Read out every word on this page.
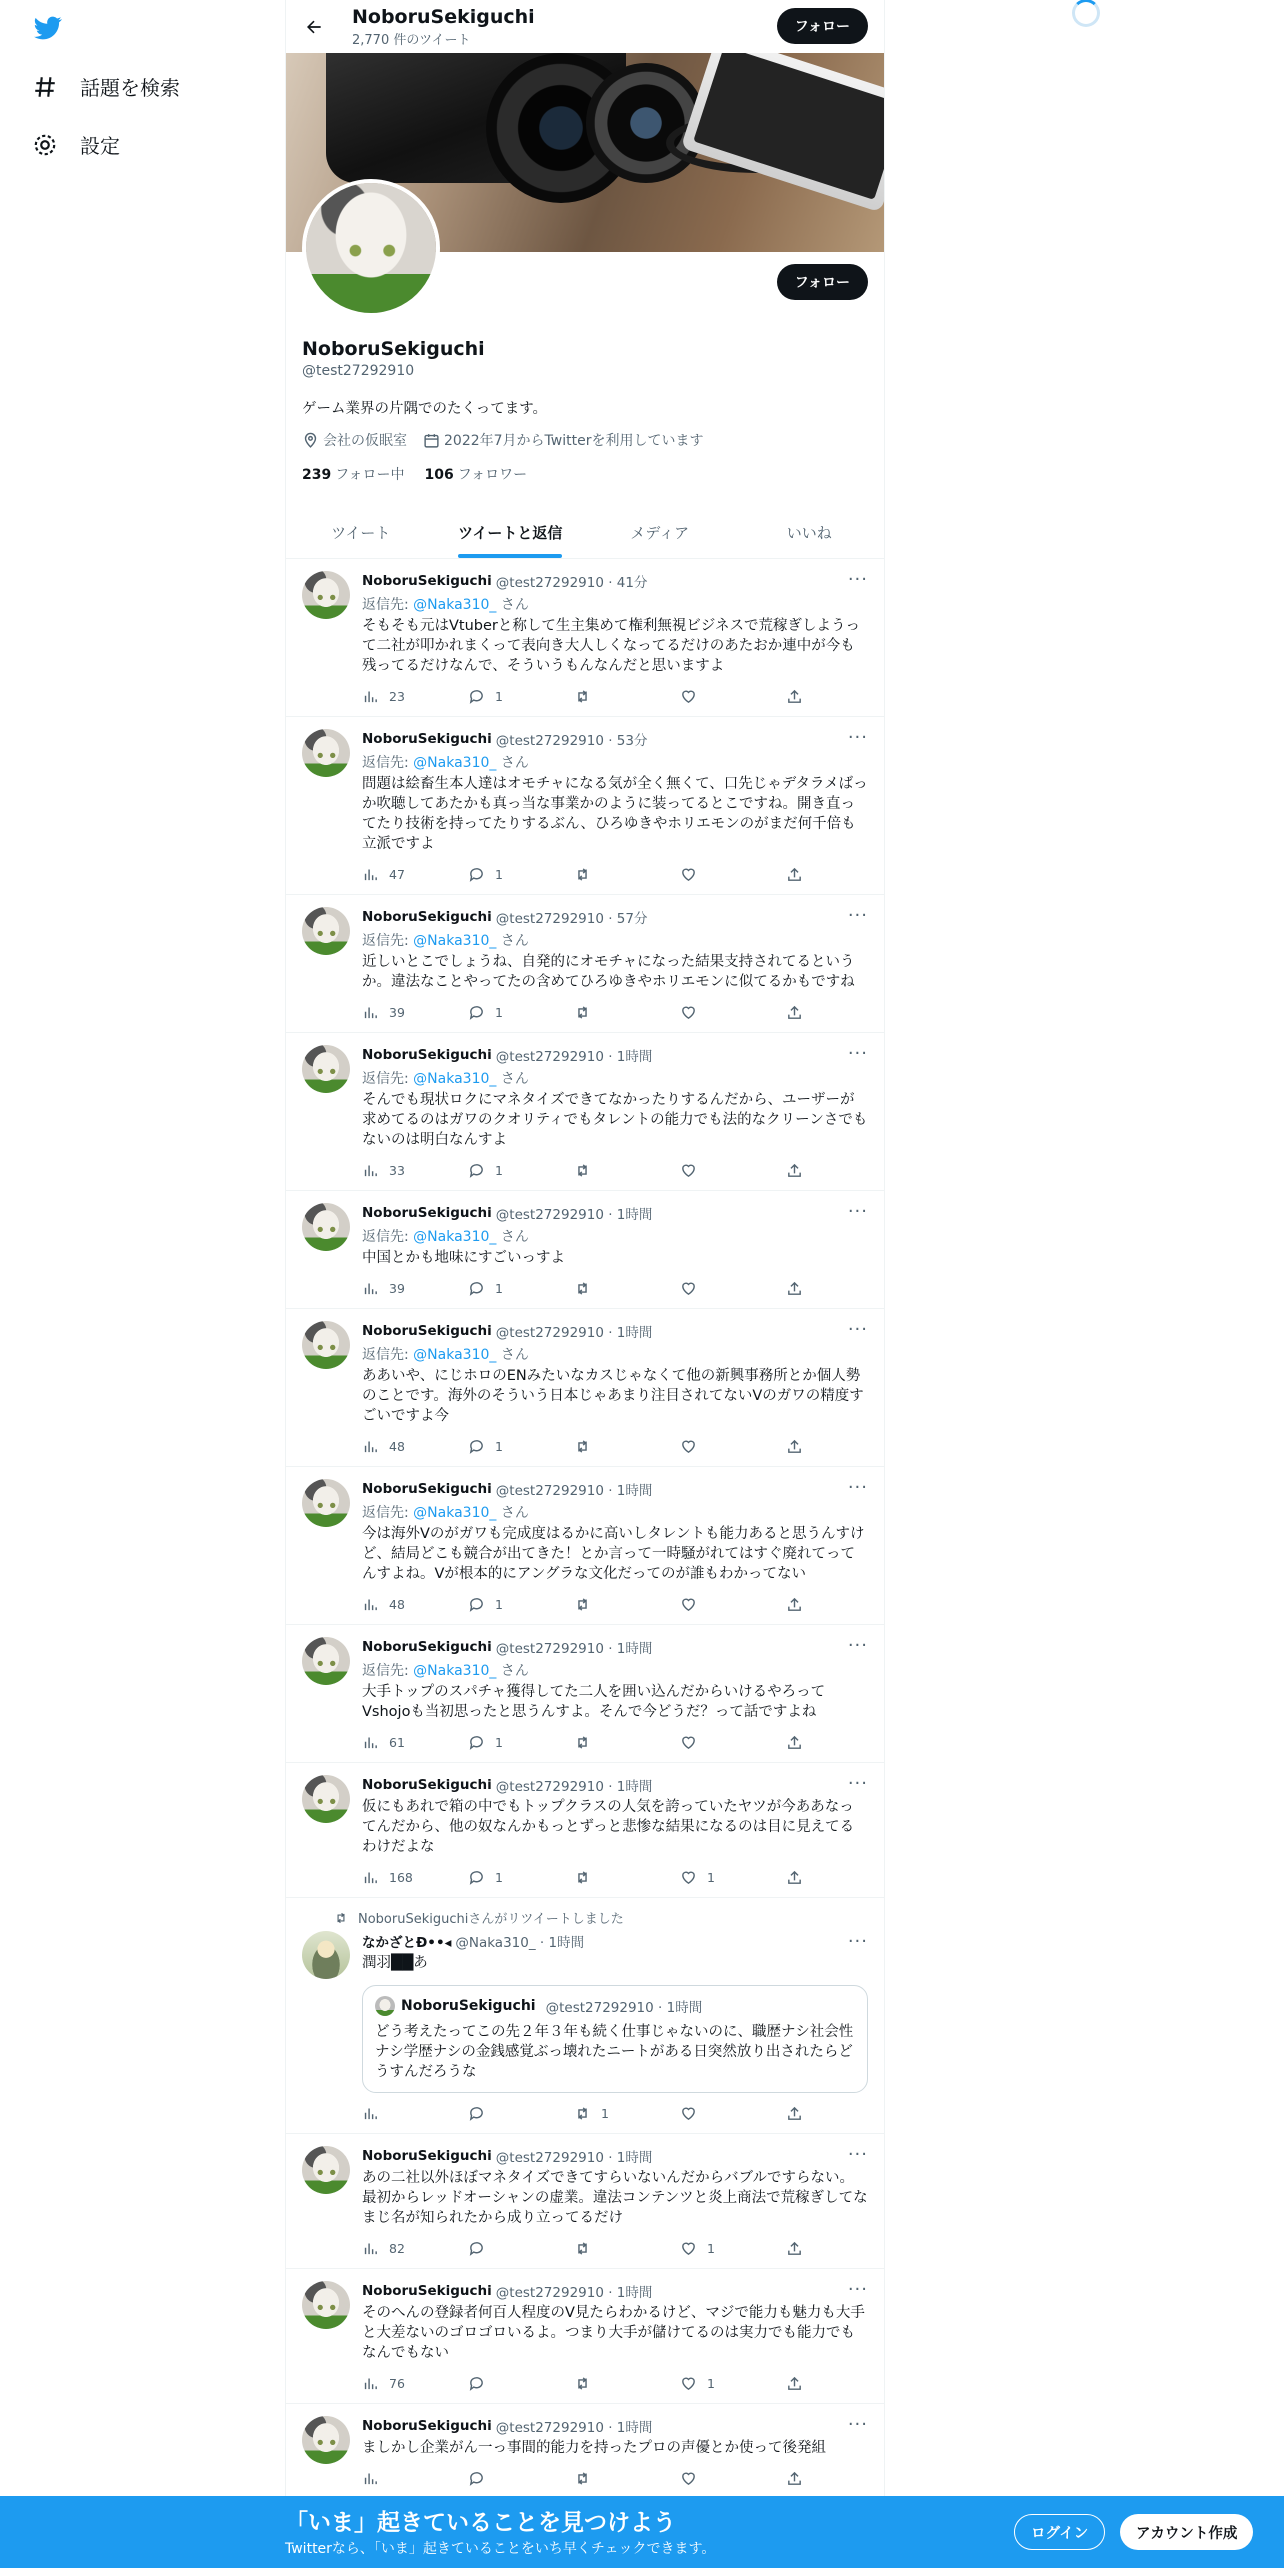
話題を検索
設定
NoboruSekiguchi
2,770 件のツイート
フォロー
フォロー
NoboruSekiguchi
@test27292910
ゲーム業界の片隅でのたくってます。
会社の仮眠室	2022年7月からTwitterを利用しています
239 フォロー中 106 フォロワー
ツイート	ツイートと返信	メディア	いいね
···
NoboruSekiguchi @test27292910 · 41分
返信先: @Naka310_ さん
そもそも元はVtuberと称して生主集めて権利無視ビジネスで荒稼ぎしようって二社が叩かれまくって表向き大人しくなってるだけのあたおか連中が今も残ってるだけなんで、そういうもんなんだと思いますよ
23	1
···
NoboruSekiguchi @test27292910 · 53分
返信先: @Naka310_ さん
問題は絵畜生本人達はオモチャになる気が全く無くて、口先じゃデタラメばっか吹聴してあたかも真っ当な事業かのように装ってるとこですね。開き直ってたり技術を持ってたりするぶん、ひろゆきやホリエモンのがまだ何千倍も立派ですよ
47	1
···
NoboruSekiguchi @test27292910 · 57分
返信先: @Naka310_ さん
近しいとこでしょうね、自発的にオモチャになった結果支持されてるというか。違法なことやってたの含めてひろゆきやホリエモンに似てるかもですね
39	1
···
NoboruSekiguchi @test27292910 · 1時間
返信先: @Naka310_ さん
そんでも現状ロクにマネタイズできてなかったりするんだから、ユーザーが求めてるのはガワのクオリティでもタレントの能力でも法的なクリーンさでもないのは明白なんすよ
33	1
···
NoboruSekiguchi @test27292910 · 1時間
返信先: @Naka310_ さん
中国とかも地味にすごいっすよ
39	1
···
NoboruSekiguchi @test27292910 · 1時間
返信先: @Naka310_ さん
ああいや、にじホロのENみたいなカスじゃなくて他の新興事務所とか個人勢のことです。海外のそういう日本じゃあまり注目されてないVのガワの精度すごいですよ今
48	1
···
NoboruSekiguchi @test27292910 · 1時間
返信先: @Naka310_ さん
今は海外Vのがガワも完成度はるかに高いしタレントも能力あると思うんすけど、結局どこも競合が出てきた！とか言って一時騒がれてはすぐ廃れてってんすよね。Vが根本的にアングラな文化だってのが誰もわかってない
48	1
···
NoboruSekiguchi @test27292910 · 1時間
返信先: @Naka310_ さん
大手トップのスパチャ獲得してた二人を囲い込んだからいけるやろってVshojoも当初思ったと思うんすよ。そんで今どうだ？って話ですよね
61	1
···
NoboruSekiguchi @test27292910 · 1時間
仮にもあれで箱の中でもトップクラスの人気を誇っていたヤツが今ああなってんだから、他の奴なんかもっとずっと悲惨な結果になるのは目に見えてるわけだよな
168	1	1
NoboruSekiguchiさんがリツイートしました
···
なかざとÐ••◂ @Naka310_ · 1時間
潤羽██あ
NoboruSekiguchi @test27292910 · 1時間
どう考えたってこの先２年３年も続く仕事じゃないのに、職歴ナシ社会性ナシ学歴ナシの金銭感覚ぶっ壊れたニートがある日突然放り出されたらどうすんだろうな
1
···
NoboruSekiguchi @test27292910 · 1時間
あの二社以外ほぼマネタイズできてすらいないんだからバブルですらない。最初からレッドオーシャンの虚業。違法コンテンツと炎上商法で荒稼ぎしてなまじ名が知られたから成り立ってるだけ
82	1
···
NoboruSekiguchi @test27292910 · 1時間
そのへんの登録者何百人程度のV見たらわかるけど、マジで能力も魅力も大手と大差ないのゴロゴロいるよ。つまり大手が儲けてるのは実力でも能力でもなんでもない
76	1
···
NoboruSekiguchi @test27292910 · 1時間
ましかし企業がん一っ事間的能力を持ったプロの声優とか使って後発組
「いま」起きていることを見つけよう
Twitterなら、「いま」起きていることをいち早くチェックできます。
ログイン	アカウント作成
